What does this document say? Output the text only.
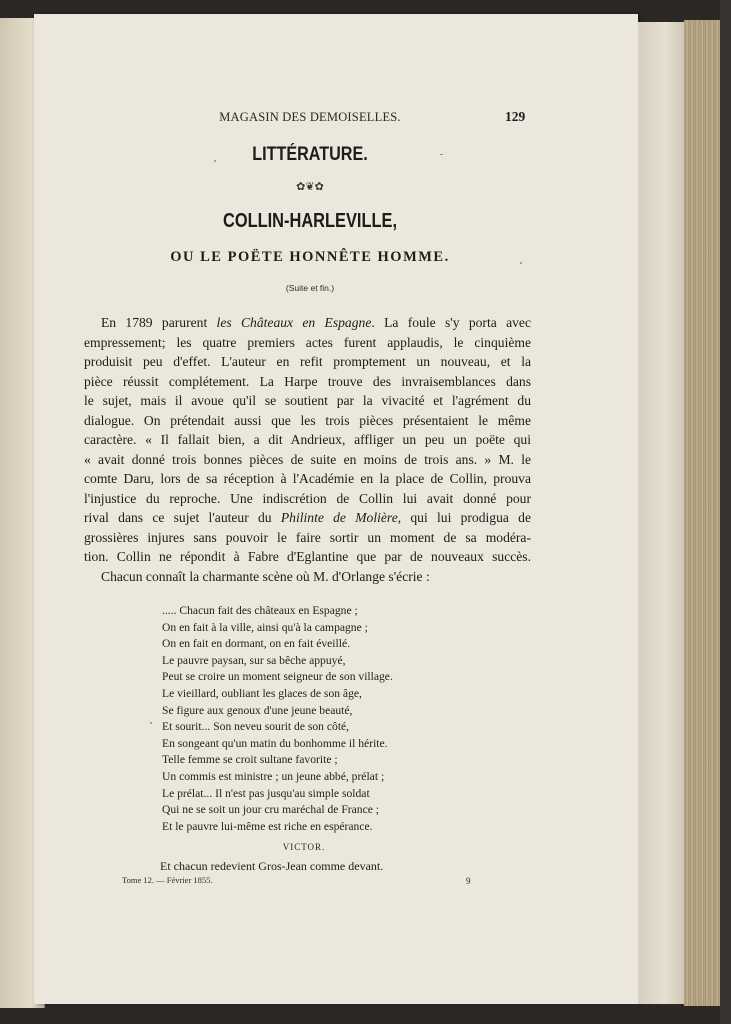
MAGASIN DES DEMOISELLES.	129
LITTÉRATURE.
✿❦✿
COLLIN-HARLEVILLE,
OU LE POËTE HONNÊTE HOMME.
(Suite et fin.)
En 1789 parurent les Châteaux en Espagne. La foule s'y porta avec
empressement; les quatre premiers actes furent applaudis, le cinquième
produisit peu d'effet. L'auteur en refit promptement un nouveau, et la
pièce réussit complétement. La Harpe trouve des invraisemblances dans
le sujet, mais il avoue qu'il se soutient par la vivacité et l'agrément du
dialogue. On prétendait aussi que les trois pièces présentaient le même
caractère. « Il fallait bien, a dit Andrieux, affliger un peu un poëte qui
« avait donné trois bonnes pièces de suite en moins de trois ans. » M. le
comte Daru, lors de sa réception à l'Académie en la place de Collin, prouva
l'injustice du reproche. Une indiscrétion de Collin lui avait donné pour
rival dans ce sujet l'auteur du Philinte de Molière, qui lui prodigua de
grossières injures sans pouvoir le faire sortir un moment de sa modéra-
tion. Collin ne répondit à Fabre d'Eglantine que par de nouveaux succès.
Chacun connaît la charmante scène où M. d'Orlange s'écrie :
..... Chacun fait des châteaux en Espagne ;
On en fait à la ville, ainsi qu'à la campagne ;
On en fait en dormant, on en fait éveillé.
Le pauvre paysan, sur sa bêche appuyé,
Peut se croire un moment seigneur de son village.
Le vieillard, oubliant les glaces de son âge,
Se figure aux genoux d'une jeune beauté,
Et sourit... Son neveu sourit de son côté,
En songeant qu'un matin du bonhomme il hérite.
Telle femme se croit sultane favorite ;
Un commis est ministre ; un jeune abbé, prélat ;
Le prélat... Il n'est pas jusqu'au simple soldat
Qui ne se soit un jour cru maréchal de France ;
Et le pauvre lui-même est riche en espérance.
VICTOR.
Et chacun redevient Gros-Jean comme devant.
Tome 12. — Février 1855.	9
